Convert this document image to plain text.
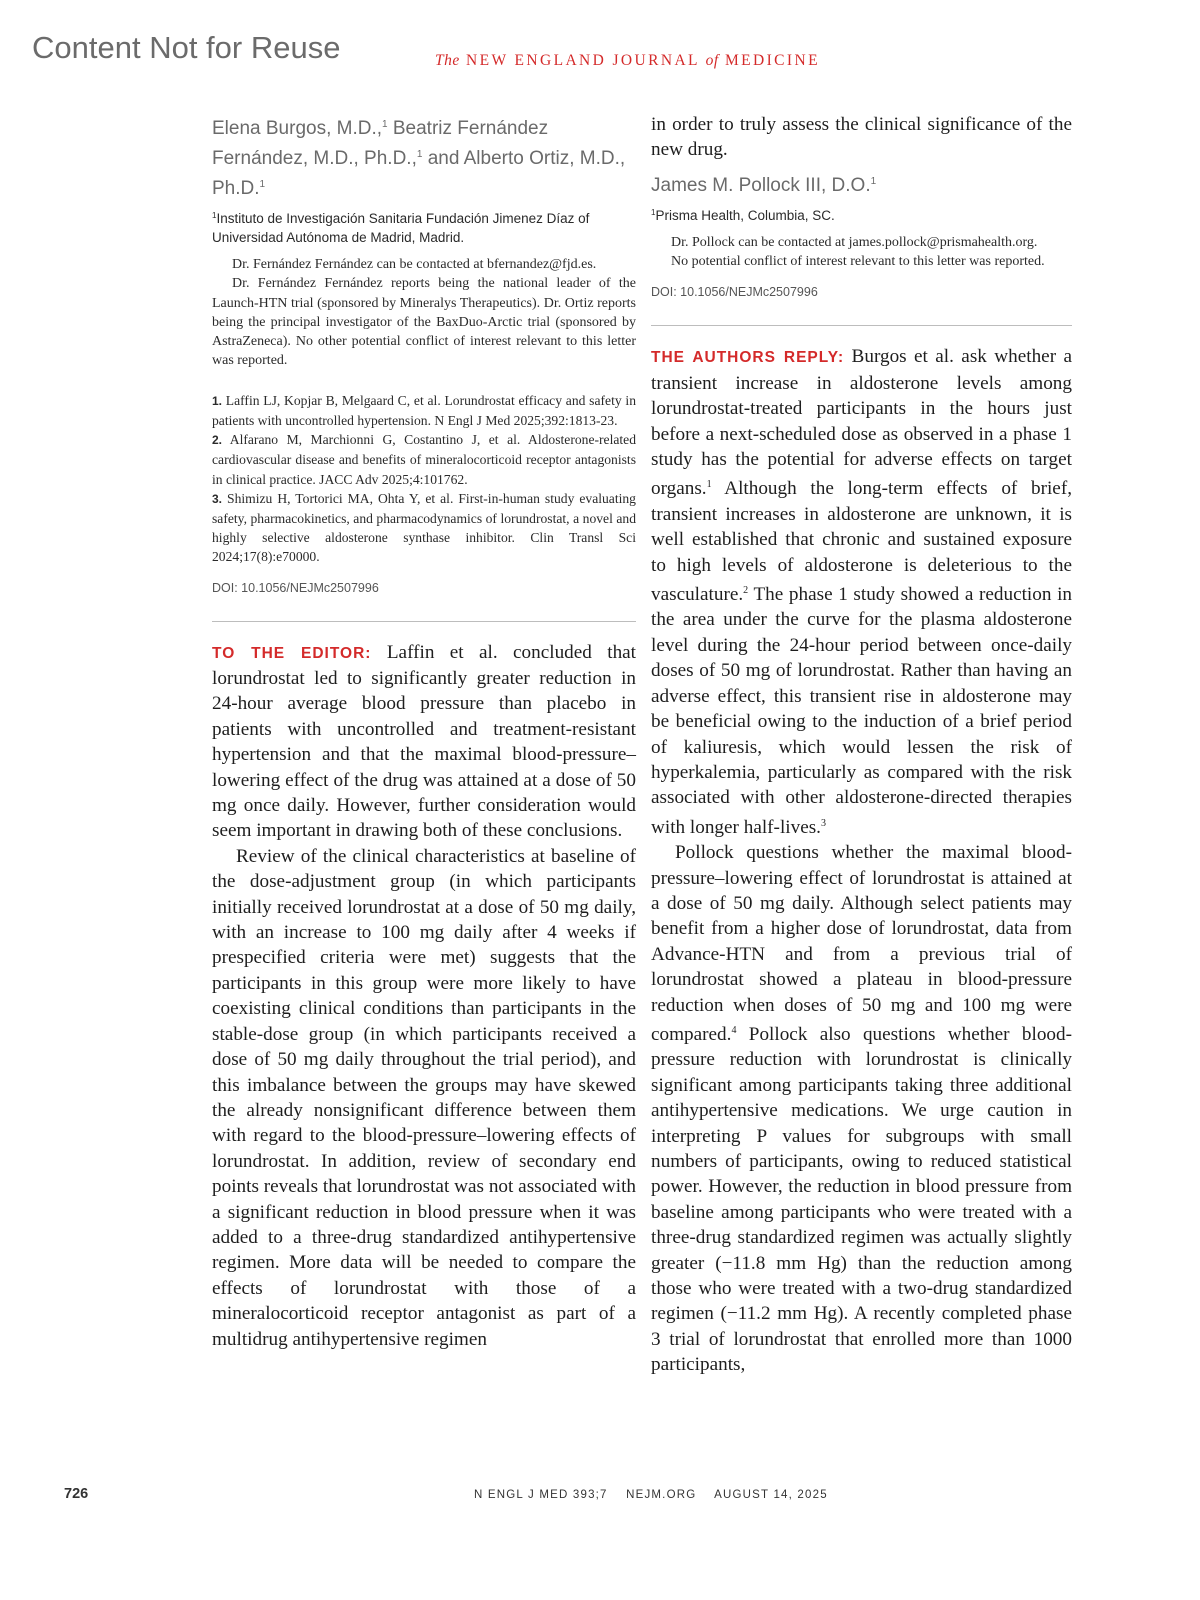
Content Not for Reuse	The NEW ENGLAND JOURNAL of MEDICINE

Elena Burgos, M.D.,$^1$ Beatriz Fernández Fernández, M.D., Ph.D.,$^1$ and Alberto Ortiz, M.D., Ph.D.$^1$

$^1$Instituto de Investigación Sanitaria Fundación Jimenez Díaz of Universidad Autónoma de Madrid, Madrid.

Dr. Fernández Fernández can be contacted at bfernandez@fjd.es.

Dr. Fernández Fernández reports being the national leader of the Launch-HTN trial (sponsored by Mineralys Therapeutics). Dr. Ortiz reports being the principal investigator of the BaxDuo-Arctic trial (sponsored by AstraZeneca). No other potential conflict of interest relevant to this letter was reported.

1. Laffin LJ, Kopjar B, Melgaard C, et al. Lorundrostat efficacy and safety in patients with uncontrolled hypertension. N Engl J Med 2025;392:1813-23.

2. Alfarano M, Marchionni G, Costantino J, et al. Aldosterone-related cardiovascular disease and benefits of mineralocorticoid receptor antagonists in clinical practice. JACC Adv 2025;4:101762.

3. Shimizu H, Tortorici MA, Ohta Y, et al. First-in-human study evaluating safety, pharmacokinetics, and pharmacodynamics of lorundrostat, a novel and highly selective aldosterone synthase inhibitor. Clin Transl Sci 2024;17(8):e70000.

DOI: 10.1056/NEJMc2507996

TO THE EDITOR: Laffin et al. concluded that lorundrostat led to significantly greater reduction in 24-hour average blood pressure than placebo in patients with uncontrolled and treatment-resistant hypertension and that the maximal blood-pressure–lowering effect of the drug was attained at a dose of 50 mg once daily. However, further consideration would seem important in drawing both of these conclusions.

Review of the clinical characteristics at baseline of the dose-adjustment group (in which participants initially received lorundrostat at a dose of 50 mg daily, with an increase to 100 mg daily after 4 weeks if prespecified criteria were met) suggests that the participants in this group were more likely to have coexisting clinical conditions than participants in the stable-dose group (in which participants received a dose of 50 mg daily throughout the trial period), and this imbalance between the groups may have skewed the already nonsignificant difference between them with regard to the blood-pressure–lowering effects of lorundrostat. In addition, review of secondary end points reveals that lorundrostat was not associated with a significant reduction in blood pressure when it was added to a three-drug standardized antihypertensive regimen. More data will be needed to compare the effects of lorundrostat with those of a mineralocorticoid receptor antagonist as part of a multidrug antihypertensive regimen

in order to truly assess the clinical significance of the new drug.

James M. Pollock III, D.O.$^1$

$^1$Prisma Health, Columbia, SC.

Dr. Pollock can be contacted at james.pollock@prismahealth.org.

No potential conflict of interest relevant to this letter was reported.

DOI: 10.1056/NEJMc2507996

THE AUTHORS REPLY: Burgos et al. ask whether a transient increase in aldosterone levels among lorundrostat-treated participants in the hours just before a next-scheduled dose as observed in a phase 1 study has the potential for adverse effects on target organs.$^1$ Although the long-term effects of brief, transient increases in aldosterone are unknown, it is well established that chronic and sustained exposure to high levels of aldosterone is deleterious to the vasculature.$^2$ The phase 1 study showed a reduction in the area under the curve for the plasma aldosterone level during the 24-hour period between once-daily doses of 50 mg of lorundrostat. Rather than having an adverse effect, this transient rise in aldosterone may be beneficial owing to the induction of a brief period of kaliuresis, which would lessen the risk of hyperkalemia, particularly as compared with the risk associated with other aldosterone-directed therapies with longer half-lives.$^3$

Pollock questions whether the maximal blood-pressure–lowering effect of lorundrostat is attained at a dose of 50 mg daily. Although select patients may benefit from a higher dose of lorundrostat, data from Advance-HTN and from a previous trial of lorundrostat showed a plateau in blood-pressure reduction when doses of 50 mg and 100 mg were compared.$^4$ Pollock also questions whether blood-pressure reduction with lorundrostat is clinically significant among participants taking three additional antihypertensive medications. We urge caution in interpreting P values for subgroups with small numbers of participants, owing to reduced statistical power. However, the reduction in blood pressure from baseline among participants who were treated with a three-drug standardized regimen was actually slightly greater (−11.8 mm Hg) than the reduction among those who were treated with a two-drug standardized regimen (−11.2 mm Hg). A recently completed phase 3 trial of lorundrostat that enrolled more than 1000 participants,

726	N ENGL J MED 393;7 NEJM.ORG AUGUST 14, 2025
